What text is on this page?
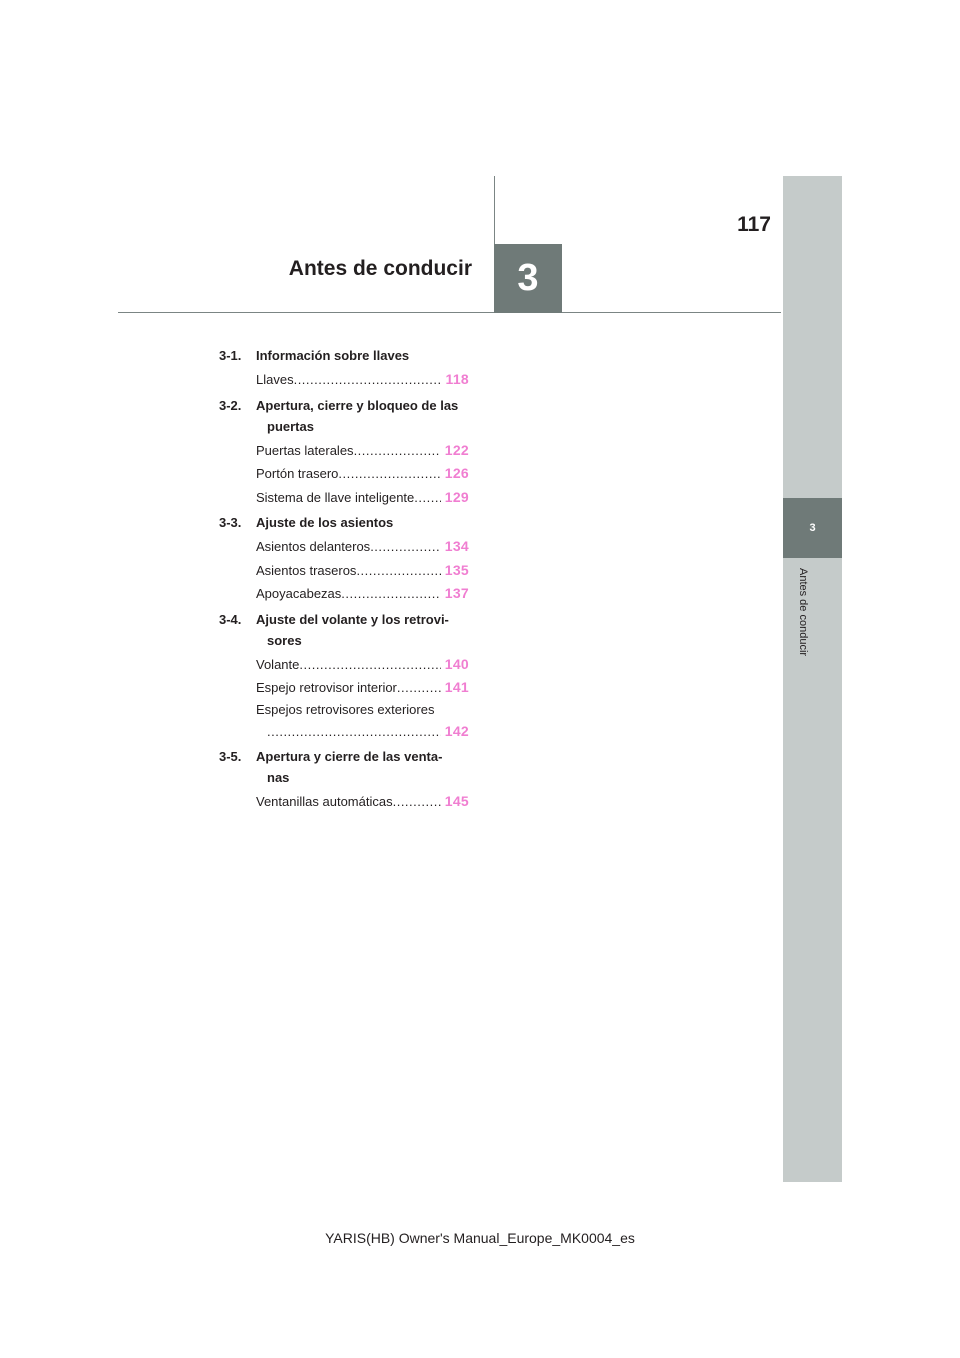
3
Antes de conducir
3
117
Antes de conducir
3-1. Información sobre llaves
Llaves .....	118
3-2. Apertura, cierre y bloqueo de las
puertas
Puertas laterales .....	122
Portón trasero .....	126
Sistema de llave inteligente ..... 129
3-3. Ajuste de los asientos
Asientos delanteros .....	134
Asientos traseros .....	135
Apoyacabezas .....	137
3-4. Ajuste del volante y los retrovi-
sores
Volante .....	140
Espejo retrovisor interior .....	141
Espejos retrovisores exteriores
.....
142
3-5. Apertura y cierre de las venta-
nas
Ventanillas automáticas .....	145
YARIS(HB) Owner's Manual_Europe_MK0004_es
